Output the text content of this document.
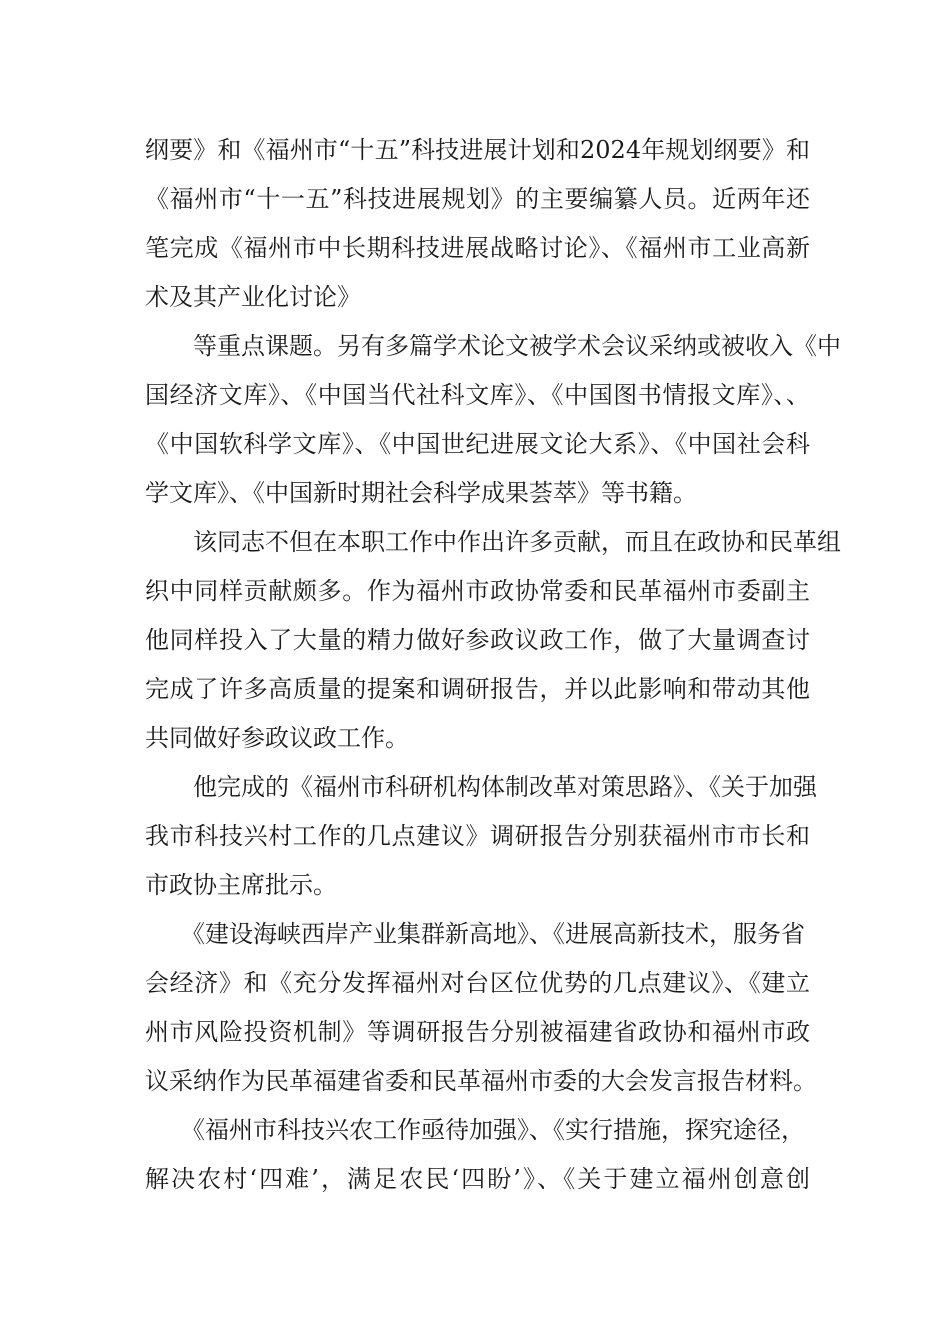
纲要》和《福州市“十五”科技进展计划和2024年规划纲要》和
《福州市“十一五”科技进展规划》的主要编纂人员。近两年还
笔完成《福州市中长期科技进展战略讨论》、《福州市工业高新
术及其产业化讨论》
　　等重点课题。另有多篇学术论文被学术会议采纳或被收入《中
国经济文库》、《中国当代社科文库》、《中国图书情报文库》、、
《中国软科学文库》、《中国世纪进展文论大系》、《中国社会科
学文库》、《中国新时期社会科学成果荟萃》等书籍。
　　该同志不但在本职工作中作出许多贡献，而且在政协和民革组
织中同样贡献颇多。作为福州市政协常委和民革福州市委副主
他同样投入了大量的精力做好参政议政工作，做了大量调查讨
完成了许多高质量的提案和调研报告，并以此影响和带动其他
共同做好参政议政工作。
　　他完成的《福州市科研机构体制改革对策思路》、《关于加强
我市科技兴村工作的几点建议》调研报告分别获福州市市长和
市政协主席批示。
　　《建设海峡西岸产业集群新高地》、《进展高新技术，服务省
会经济》和《充分发挥福州对台区位优势的几点建议》、《建立
州市风险投资机制》等调研报告分别被福建省政协和福州市政
议采纳作为民革福建省委和民革福州市委的大会发言报告材料。
　　《福州市科技兴农工作亟待加强》、《实行措施，探究途径，
解决农村‘四难’，满足农民‘四盼’》、《关于建立福州创意创
